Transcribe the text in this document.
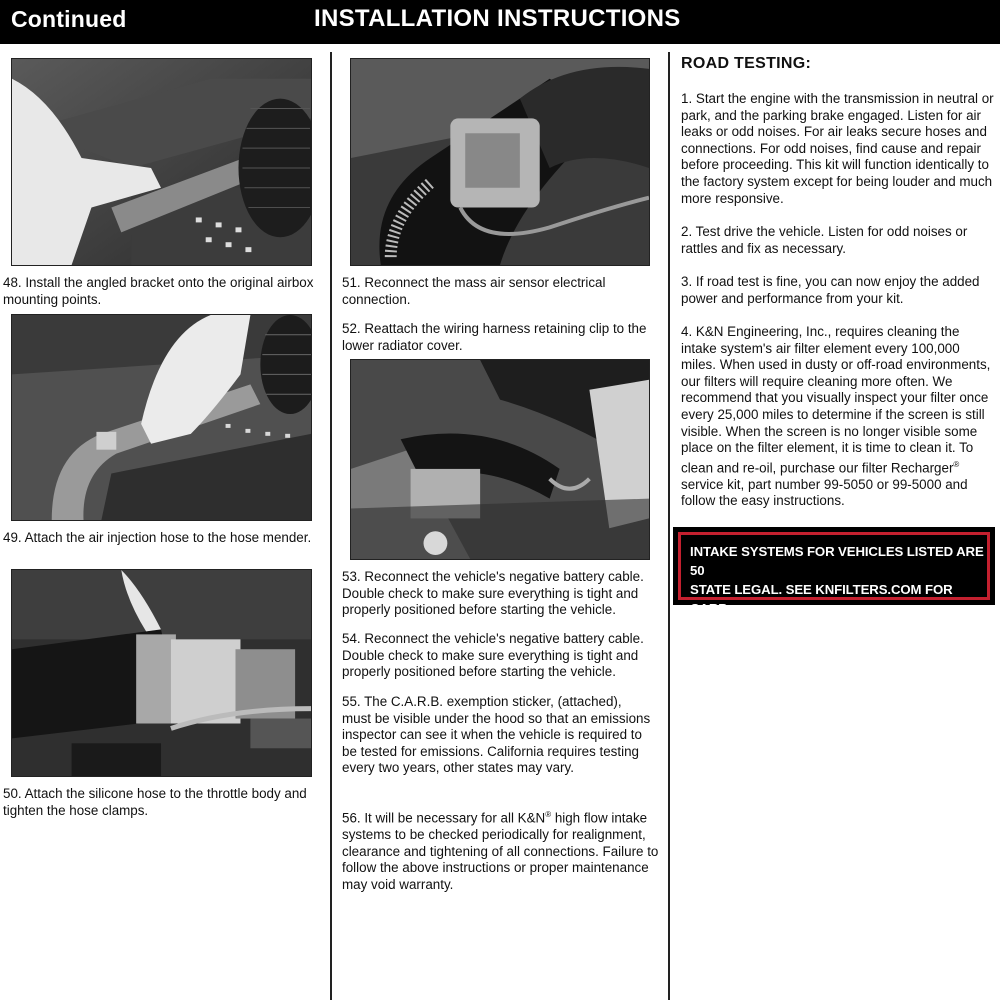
Continued	INSTALLATION INSTRUCTIONS
48. Install the angled bracket onto the original airbox mounting points.
49. Attach the air injection hose to the hose mender.
50. Attach the silicone hose to the throttle body and tighten the hose clamps.
51. Reconnect the mass air sensor electrical connection.
52. Reattach the wiring harness retaining clip to the lower radiator cover.
53. Reconnect the vehicle's negative battery cable. Double check to make sure everything is tight and properly positioned before starting the vehicle.
54. Reconnect the vehicle's negative battery cable. Double check to make sure everything is tight and properly positioned before starting the vehicle.
55. The C.A.R.B. exemption sticker, (attached), must be visible under the hood so that an emissions inspector can see it when the vehicle is required to be tested for emissions. California requires testing every two years, other states may vary.
56. It will be necessary for all K&N® high flow intake systems to be checked periodically for realignment, clearance and tightening of all connections. Failure to follow the above instructions or proper maintenance may void warranty.
ROAD TESTING:
1. Start the engine with the transmission in neutral or park, and the parking brake engaged. Listen for air leaks or odd noises. For air leaks secure hoses and connections. For odd noises, find cause and repair before proceeding. This kit will function identically to the factory system except for being louder and much more responsive.
2. Test drive the vehicle. Listen for odd noises or rattles and fix as necessary.
3. If road test is fine, you can now enjoy the added power and performance from your kit.
4. K&N Engineering, Inc., requires cleaning the intake system's air filter element every 100,000 miles. When used in dusty or off-road environments, our filters will require cleaning more often. We recommend that you visually inspect your filter once every 25,000 miles to determine if the screen is still visible. When the screen is no longer visible some place on the filter element, it is time to clean it. To clean and re-oil, purchase our filter Recharger® service kit, part number 99-5050 or 99-5000 and follow the easy instructions.
INTAKE SYSTEMS FOR VEHICLES LISTED ARE 50
STATE LEGAL. SEE KNFILTERS.COM FOR CARB
STATUS ON EACH PART FOR A SPECIFIC VEHICLE.
